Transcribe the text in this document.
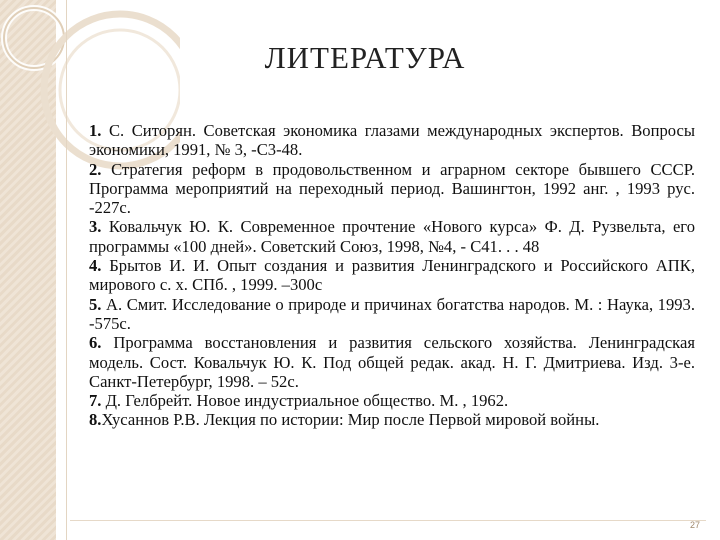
ЛИТЕРАТУРА

1. С. Ситорян. Советская экономика глазами международных экспертов. Вопросы экономики, 1991, № 3, -С3-48.

2. Стратегия реформ в продовольственном и аграрном секторе бывшего СССР. Программа мероприятий на переходный период. Вашингтон, 1992 анг. , 1993 рус. -227с.

3. Ковальчук Ю. К. Современное прочтение «Нового курса» Ф. Д. Рузвельта, его программы «100 дней». Советский Союз, 1998, №4, - С41. . . 48

4. Брытов И. И. Опыт создания и развития Ленинградского и Российского АПК, мирового с. х. СПб. , 1999. –300с

5. А. Смит. Исследование о природе и причинах богатства народов. М. : Наука, 1993. -575с.

6. Программа восстановления и развития сельского хозяйства. Ленинградская модель. Сост. Ковальчук Ю. К. Под общей редак. акад. Н. Г. Дмитриева. Изд. 3-е. Санкт-Петербург, 1998. – 52с.

7. Д. Гелбрейт. Новое индустриальное общество. М. , 1962.

8.Хусаннов Р.В. Лекция по истории: Мир после Первой мировой войны.

27
